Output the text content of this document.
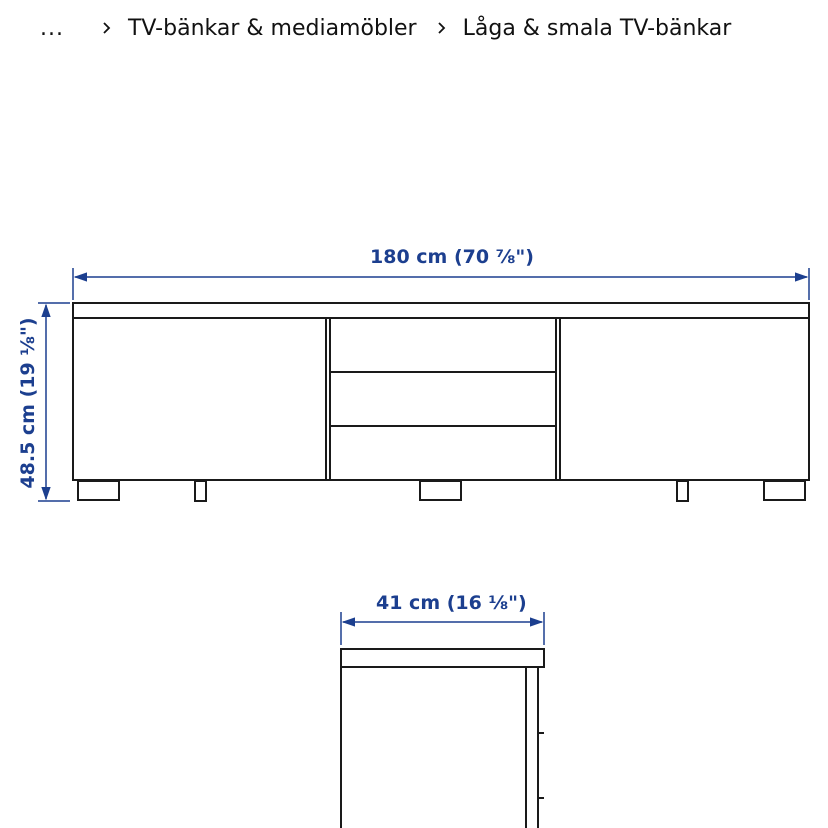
...	TV-bänkar & mediamöbler Låga & smala TV-bänkar
180 cm (70 ⅞")
48.5 cm (19 ⅛")
41 cm (16 ⅛")
